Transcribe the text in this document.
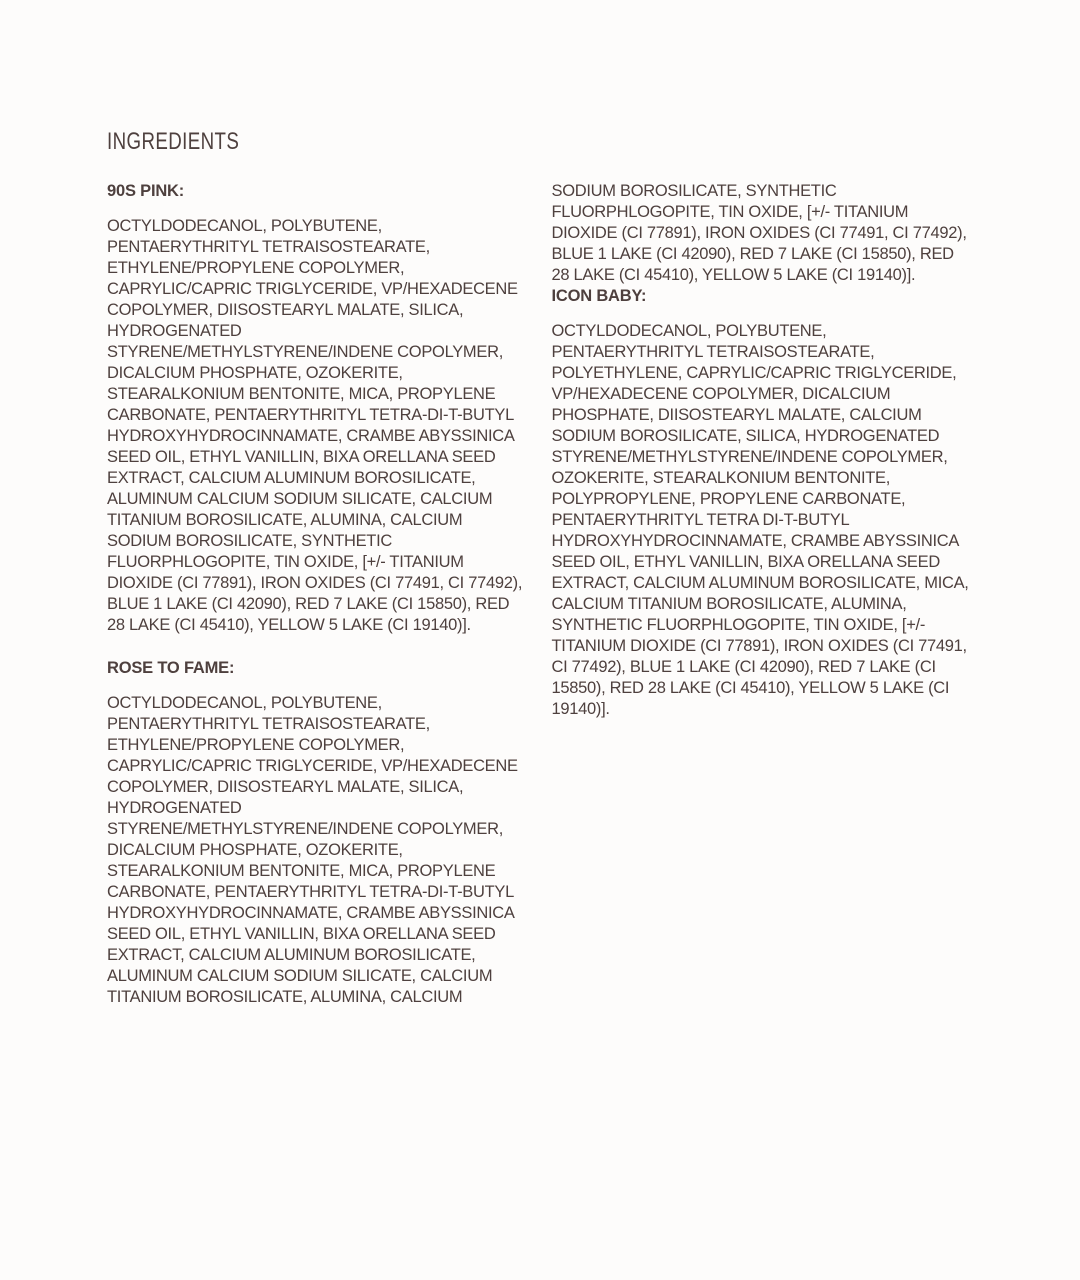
INGREDIENTS
90S PINK:

OCTYLDODECANOL, POLYBUTENE, PENTAERYTHRITYL TETRAISOSTEARATE, ETHYLENE/PROPYLENE COPOLYMER, CAPRYLIC/CAPRIC TRIGLYCERIDE, VP/HEXADECENE COPOLYMER, DIISOSTEARYL MALATE, SILICA, HYDROGENATED STYRENE/METHYLSTYRENE/INDENE COPOLYMER, DICALCIUM PHOSPHATE, OZOKERITE, STEARALKONIUM BENTONITE, MICA, PROPYLENE CARBONATE, PENTAERYTHRITYL TETRA-DI-T-BUTYL HYDROXYHYDROCINNAMATE, CRAMBE ABYSSINICA SEED OIL, ETHYL VANILLIN, BIXA ORELLANA SEED EXTRACT, CALCIUM ALUMINUM BOROSILICATE, ALUMINUM CALCIUM SODIUM SILICATE, CALCIUM TITANIUM BOROSILICATE, ALUMINA, CALCIUM SODIUM BOROSILICATE, SYNTHETIC FLUORPHLOGOPITE, TIN OXIDE, [+/- TITANIUM DIOXIDE (CI 77891), IRON OXIDES (CI 77491, CI 77492), BLUE 1 LAKE (CI 42090), RED 7 LAKE (CI 15850), RED 28 LAKE (CI 45410), YELLOW 5 LAKE (CI 19140)].

ROSE TO FAME:

OCTYLDODECANOL, POLYBUTENE, PENTAERYTHRITYL TETRAISOSTEARATE, ETHYLENE/PROPYLENE COPOLYMER, CAPRYLIC/CAPRIC TRIGLYCERIDE, VP/HEXADECENE COPOLYMER, DIISOSTEARYL MALATE, SILICA, HYDROGENATED STYRENE/METHYLSTYRENE/INDENE COPOLYMER, DICALCIUM PHOSPHATE, OZOKERITE, STEARALKONIUM BENTONITE, MICA, PROPYLENE CARBONATE, PENTAERYTHRITYL TETRA-DI-T-BUTYL HYDROXYHYDROCINNAMATE, CRAMBE ABYSSINICA SEED OIL, ETHYL VANILLIN, BIXA ORELLANA SEED EXTRACT, CALCIUM ALUMINUM BOROSILICATE, ALUMINUM CALCIUM SODIUM SILICATE, CALCIUM TITANIUM BOROSILICATE, ALUMINA, CALCIUM SODIUM BOROSILICATE, SYNTHETIC FLUORPHLOGOPITE, TIN OXIDE, [+/- TITANIUM DIOXIDE (CI 77891), IRON OXIDES (CI 77491, CI 77492), BLUE 1 LAKE (CI 42090), RED 7 LAKE (CI 15850), RED 28 LAKE (CI 45410), YELLOW 5 LAKE (CI 19140)].

ICON BABY:

OCTYLDODECANOL, POLYBUTENE, PENTAERYTHRITYL TETRAISOSTEARATE, POLYETHYLENE, CAPRYLIC/CAPRIC TRIGLYCERIDE, VP/HEXADECENE COPOLYMER, DICALCIUM PHOSPHATE, DIISOSTEARYL MALATE, CALCIUM SODIUM BOROSILICATE, SILICA, HYDROGENATED STYRENE/METHYLSTYRENE/INDENE COPOLYMER, OZOKERITE, STEARALKONIUM BENTONITE, POLYPROPYLENE, PROPYLENE CARBONATE, PENTAERYTHRITYL TETRA DI-T-BUTYL HYDROXYHYDROCINNAMATE, CRAMBE ABYSSINICA SEED OIL, ETHYL VANILLIN, BIXA ORELLANA SEED EXTRACT, CALCIUM ALUMINUM BOROSILICATE, MICA, CALCIUM TITANIUM BOROSILICATE, ALUMINA, SYNTHETIC FLUORPHLOGOPITE, TIN OXIDE, [+/- TITANIUM DIOXIDE (CI 77891), IRON OXIDES (CI 77491, CI 77492), BLUE 1 LAKE (CI 42090), RED 7 LAKE (CI 15850), RED 28 LAKE (CI 45410), YELLOW 5 LAKE (CI 19140)].
